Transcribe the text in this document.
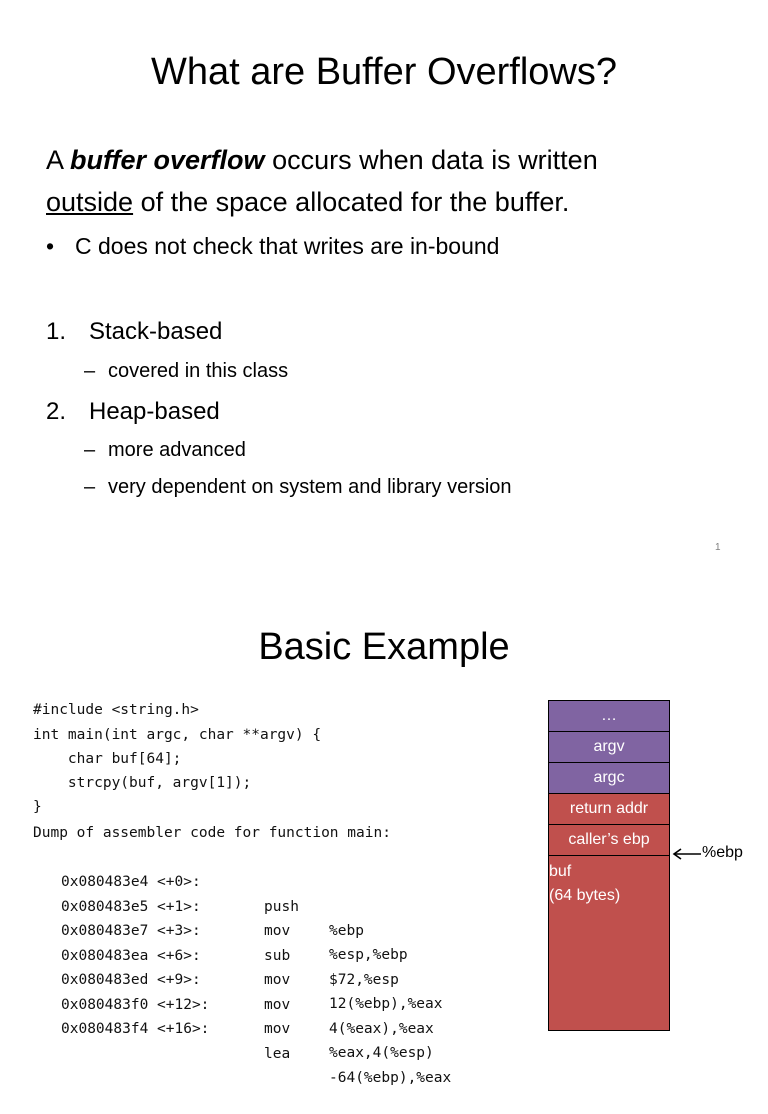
What are Buffer Overflows?
A buffer overflow occurs when data is written
outside of the space allocated for the buffer.
• C does not check that writes are in-bound
1. Stack-based
– covered in this class
2. Heap-based
– more advanced
– very dependent on system and library version
1
Basic Example

#include <string.h>
int main(int argc, char **argv) {
char buf[64];
strcpy(buf, argv[1]);
}

Dump of assembler code for function main:

0x080483e4 <+0>:

push

%ebp

0x080483e5 <+1>:

mov

%esp,%ebp

0x080483e7 <+3>:

sub

$72,%esp

0x080483ea <+6>:

mov

12(%ebp),%eax

0x080483ed <+9>:

mov

4(%eax),%eax

0x080483f0 <+12>:

mov

%eax,4(%esp)

0x080483f4 <+16>:

lea

-64(%ebp),%eax

…
argv
argc
return addr
caller’s ebp
buf
(64 bytes)
%ebp
